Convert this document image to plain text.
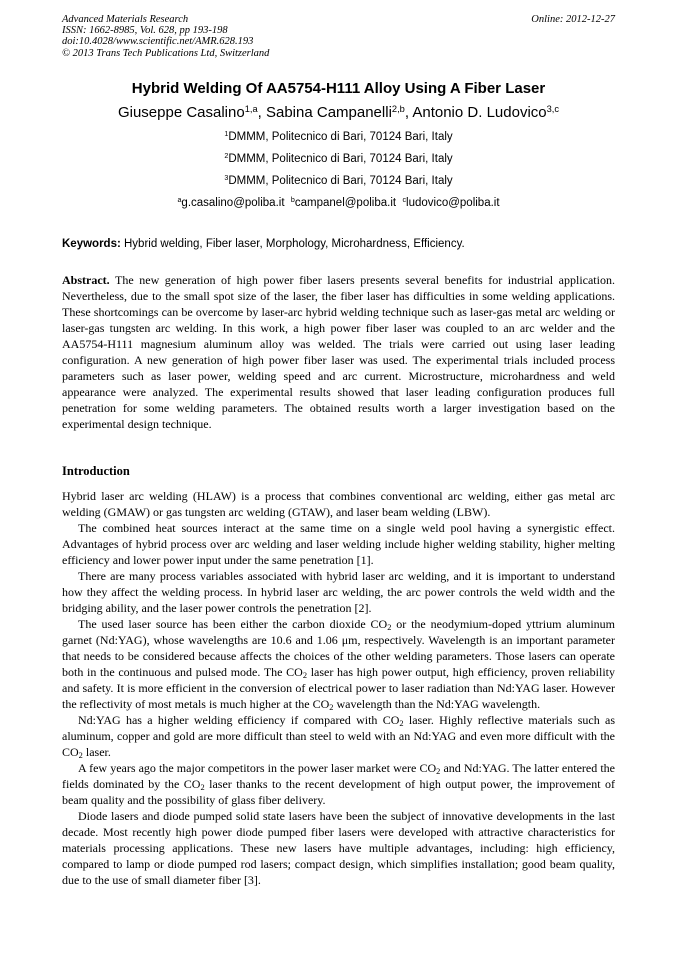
Advanced Materials Research
ISSN: 1662-8985, Vol. 628, pp 193-198
doi:10.4028/www.scientific.net/AMR.628.193
© 2013 Trans Tech Publications Ltd, Switzerland
Online: 2012-12-27
Hybrid Welding Of AA5754-H111 Alloy Using A Fiber Laser
Giuseppe Casalino$^{1,a}$, Sabina Campanelli$^{2,b}$, Antonio D. Ludovico$^{3,c}$
$^1$DMMM, Politecnico di Bari, 70124 Bari, Italy
$^2$DMMM, Politecnico di Bari, 70124 Bari, Italy
$^3$DMMM, Politecnico di Bari, 70124 Bari, Italy
$^a$g.casalino@poliba.it $^b$campanel@poliba.it $^c$ludovico@poliba.it
Keywords: Hybrid welding, Fiber laser, Morphology, Microhardness, Efficiency.
Abstract. The new generation of high power fiber lasers presents several benefits for industrial application. Nevertheless, due to the small spot size of the laser, the fiber laser has difficulties in some welding applications. These shortcomings can be overcome by laser-arc hybrid welding technique such as laser-gas metal arc welding or laser-gas tungsten arc welding. In this work, a high power fiber laser was coupled to an arc welder and the AA5754-H111 magnesium aluminum alloy was welded. The trials were carried out using laser leading configuration. A new generation of high power fiber laser was used. The experimental trials included process parameters such as laser power, welding speed and arc current. Microstructure, microhardness and weld appearance were analyzed. The experimental results showed that laser leading configuration produces full penetration for some welding parameters. The obtained results worth a larger investigation based on the experimental design technique.
Introduction

Hybrid laser arc welding (HLAW) is a process that combines conventional arc welding, either gas metal arc welding (GMAW) or gas tungsten arc welding (GTAW), and laser beam welding (LBW).

The combined heat sources interact at the same time on a single weld pool having a synergistic effect. Advantages of hybrid process over arc welding and laser welding include higher welding stability, higher melting efficiency and lower power input under the same penetration [1].

There are many process variables associated with hybrid laser arc welding, and it is important to understand how they affect the welding process. In hybrid laser arc welding, the arc power controls the weld width and the bridging ability, and the laser power controls the penetration [2].

The used laser source has been either the carbon dioxide $CO_2$ or the neodymium-doped yttrium aluminum garnet (Nd:YAG), whose wavelengths are 10.6 and 1.06 μm, respectively. Wavelength is an important parameter that needs to be considered because affects the choices of the other welding parameters. Those lasers can operate both in the continuous and pulsed mode. The $CO_2$ laser has high power output, high efficiency, proven reliability and safety. It is more efficient in the conversion of electrical power to laser radiation than Nd:YAG laser. However the reflectivity of most metals is much higher at the $CO_2$ wavelength than the Nd:YAG wavelength.

Nd:YAG has a higher welding efficiency if compared with $CO_2$ laser. Highly reflective materials such as aluminum, copper and gold are more difficult than steel to weld with an Nd:YAG and even more difficult with the $CO_2$ laser.

A few years ago the major competitors in the power laser market were $CO_2$ and Nd:YAG. The latter entered the fields dominated by the $CO_2$ laser thanks to the recent development of high output power, the improvement of beam quality and the possibility of glass fiber delivery.

Diode lasers and diode pumped solid state lasers have been the subject of innovative developments in the last decade. Most recently high power diode pumped fiber lasers were developed with attractive characteristics for materials processing applications. These new lasers have multiple advantages, including: high efficiency, compared to lamp or diode pumped rod lasers; compact design, which simplifies installation; good beam quality, due to the use of small diameter fiber [3].
